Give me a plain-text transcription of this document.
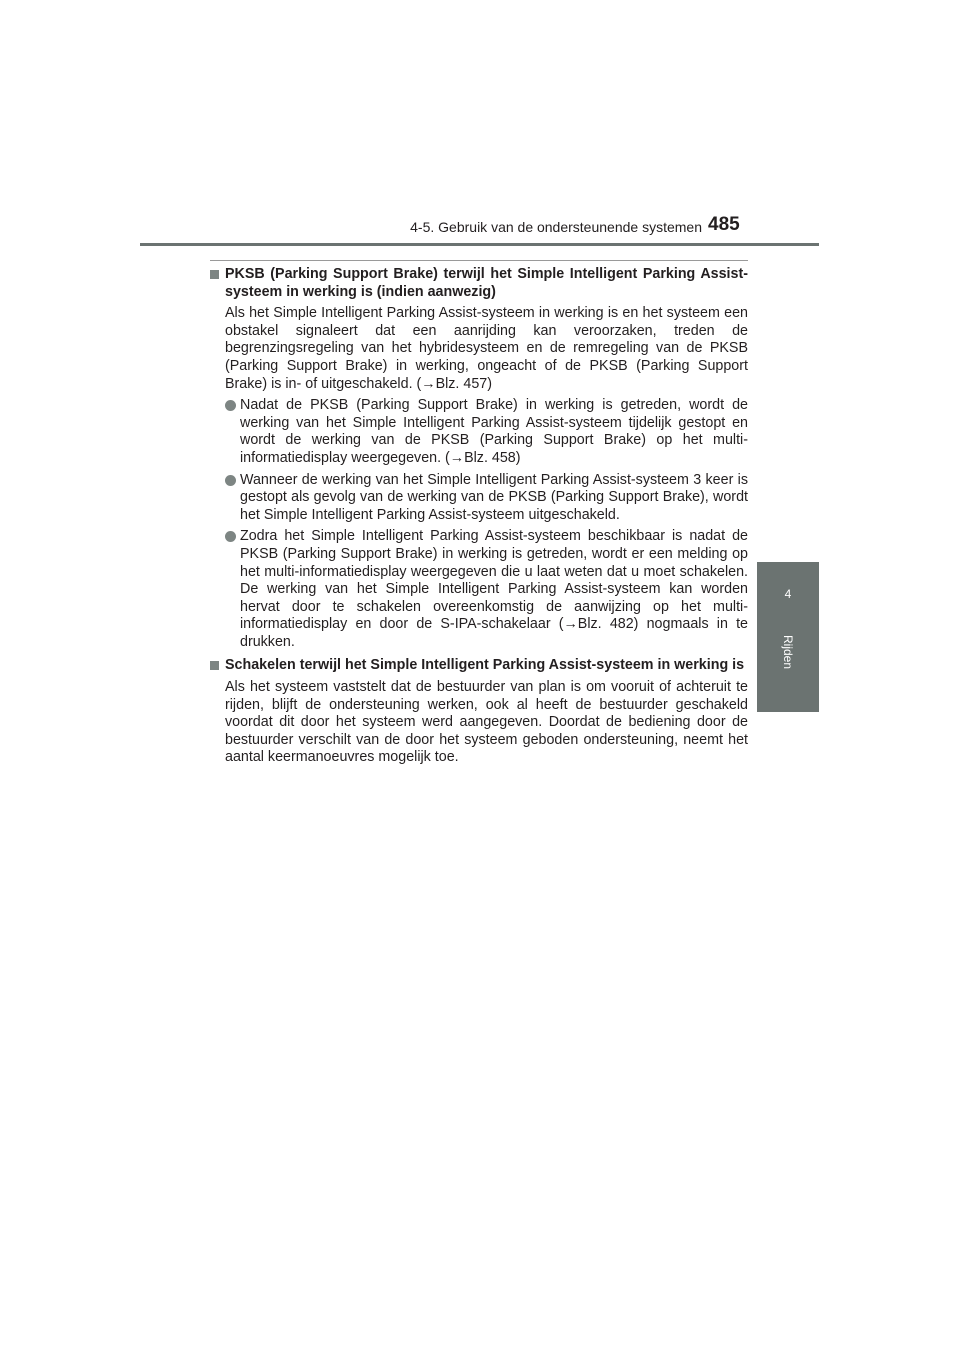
4-5. Gebruik van de ondersteunende systemen 485
4
Rijden
PKSB (Parking Support Brake) terwijl het Simple Intelligent Parking Assist-systeem in werking is (indien aanwezig)

Als het Simple Intelligent Parking Assist-systeem in werking is en het systeem een obstakel signaleert dat een aanrijding kan veroorzaken, treden de begrenzingsregeling van het hybridesysteem en de remregeling van de PKSB (Parking Support Brake) in werking, ongeacht of de PKSB (Parking Support Brake) is in- of uitgeschakeld. (→Blz. 457)

Nadat de PKSB (Parking Support Brake) in werking is getreden, wordt de werking van het Simple Intelligent Parking Assist-systeem tijdelijk gestopt en wordt de werking van de PKSB (Parking Support Brake) op het multi-informatiedisplay weergegeven. (→Blz. 458)
Wanneer de werking van het Simple Intelligent Parking Assist-systeem 3 keer is gestopt als gevolg van de werking van de PKSB (Parking Support Brake), wordt het Simple Intelligent Parking Assist-systeem uitgeschakeld.
Zodra het Simple Intelligent Parking Assist-systeem beschikbaar is nadat de PKSB (Parking Support Brake) in werking is getreden, wordt er een melding op het multi-informatiedisplay weergegeven die u laat weten dat u moet schakelen. De werking van het Simple Intelligent Parking Assist-systeem kan worden hervat door te schakelen overeenkomstig de aanwijzing op het multi-informatiedisplay en door de S-IPA-schakelaar (→Blz. 482) nogmaals in te drukken.
Schakelen terwijl het Simple Intelligent Parking Assist-systeem in werking is

Als het systeem vaststelt dat de bestuurder van plan is om vooruit of achteruit te rijden, blijft de ondersteuning werken, ook al heeft de bestuurder geschakeld voordat dit door het systeem werd aangegeven. Doordat de bediening door de bestuurder verschilt van de door het systeem geboden ondersteuning, neemt het aantal keermanoeuvres mogelijk toe.
